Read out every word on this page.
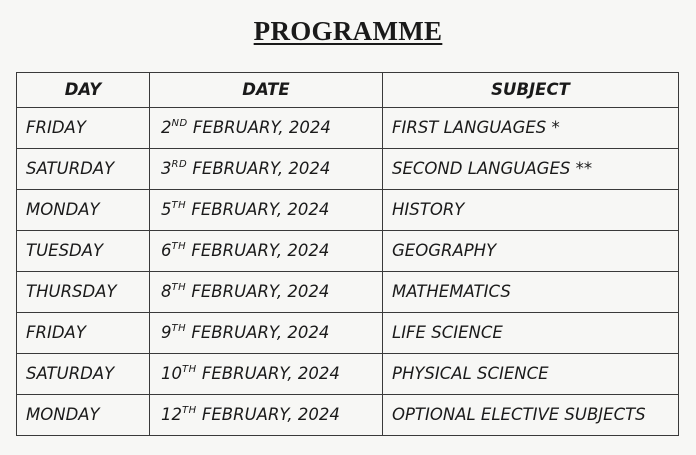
PROGRAMME
DAY	DATE	SUBJECT
FRIDAY	2ND FEBRUARY, 2024	FIRST LANGUAGES *
SATURDAY	3RD FEBRUARY, 2024	SECOND LANGUAGES **
MONDAY	5TH FEBRUARY, 2024	HISTORY
TUESDAY	6TH FEBRUARY, 2024	GEOGRAPHY
THURSDAY	8TH FEBRUARY, 2024	MATHEMATICS
FRIDAY	9TH FEBRUARY, 2024	LIFE SCIENCE
SATURDAY	10TH FEBRUARY, 2024	PHYSICAL SCIENCE
MONDAY	12TH FEBRUARY, 2024	OPTIONAL ELECTIVE SUBJECTS
